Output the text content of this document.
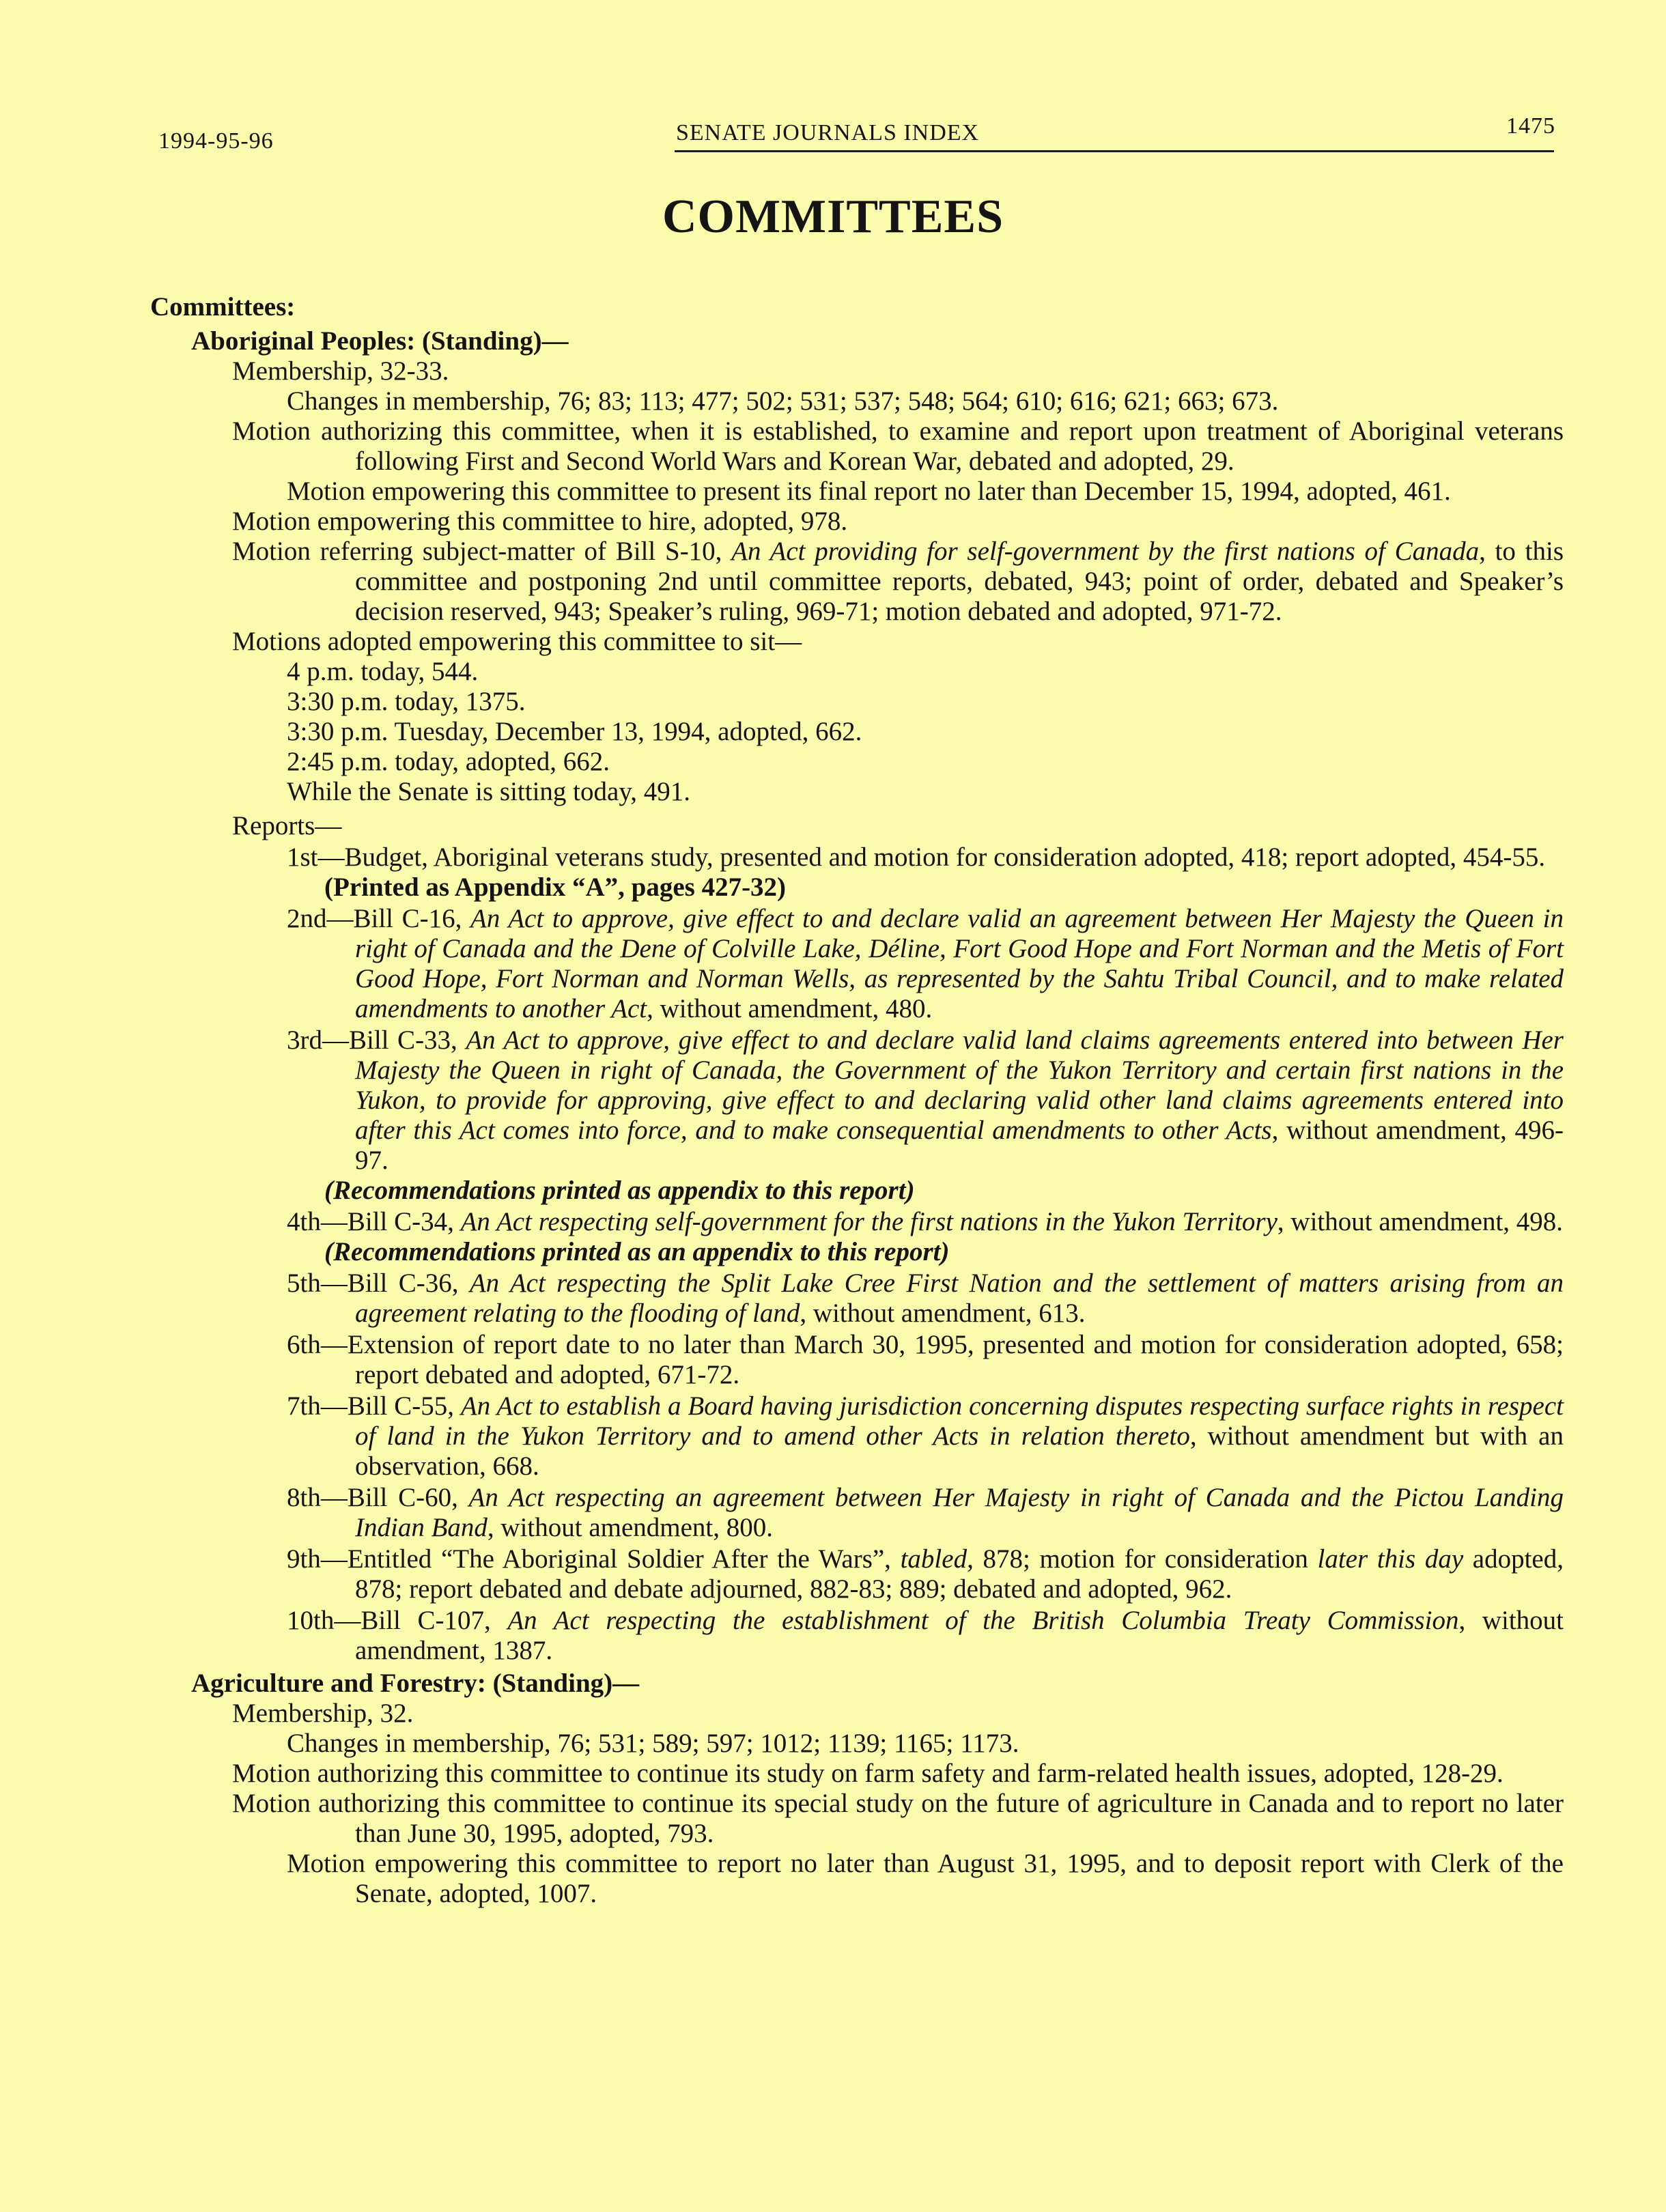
1994-95-96	SENATE JOURNALS INDEX	1475
COMMITTEES
Committees:
Aboriginal Peoples: (Standing)—
Membership, 32-33.
Changes in membership, 76; 83; 113; 477; 502; 531; 537; 548; 564; 610; 616; 621; 663; 673.
Motion authorizing this committee, when it is established, to examine and report upon treatment of Aboriginal veterans following First and Second World Wars and Korean War, debated and adopted, 29.
Motion empowering this committee to present its final report no later than December 15, 1994, adopted, 461.
Motion empowering this committee to hire, adopted, 978.
Motion referring subject-matter of Bill S-10, An Act providing for self-government by the first nations of Canada, to this committee and postponing 2nd until committee reports, debated, 943; point of order, debated and Speaker’s decision reserved, 943; Speaker’s ruling, 969-71; motion debated and adopted, 971-72.
Motions adopted empowering this committee to sit—
4 p.m. today, 544.
3:30 p.m. today, 1375.
3:30 p.m. Tuesday, December 13, 1994, adopted, 662.
2:45 p.m. today, adopted, 662.
While the Senate is sitting today, 491.
Reports—
1st—Budget, Aboriginal veterans study, presented and motion for consideration adopted, 418; report adopted, 454-55.
(Printed as Appendix “A”, pages 427-32)
2nd—Bill C-16, An Act to approve, give effect to and declare valid an agreement between Her Majesty the Queen in right of Canada and the Dene of Colville Lake, Déline, Fort Good Hope and Fort Norman and the Metis of Fort Good Hope, Fort Norman and Norman Wells, as represented by the Sahtu Tribal Council, and to make related amendments to another Act, without amendment, 480.
3rd—Bill C-33, An Act to approve, give effect to and declare valid land claims agreements entered into between Her Majesty the Queen in right of Canada, the Government of the Yukon Territory and certain first nations in the Yukon, to provide for approving, give effect to and declaring valid other land claims agreements entered into after this Act comes into force, and to make consequential amendments to other Acts, without amendment, 496-97.
(Recommendations printed as appendix to this report)
4th—Bill C-34, An Act respecting self-government for the first nations in the Yukon Territory, without amendment, 498.
(Recommendations printed as an appendix to this report)
5th—Bill C-36, An Act respecting the Split Lake Cree First Nation and the settlement of matters arising from an agreement relating to the flooding of land, without amendment, 613.
6th—Extension of report date to no later than March 30, 1995, presented and motion for consideration adopted, 658; report debated and adopted, 671-72.
7th—Bill C-55, An Act to establish a Board having jurisdiction concerning disputes respecting surface rights in respect of land in the Yukon Territory and to amend other Acts in relation thereto, without amendment but with an observation, 668.
8th—Bill C-60, An Act respecting an agreement between Her Majesty in right of Canada and the Pictou Landing Indian Band, without amendment, 800.
9th—Entitled “The Aboriginal Soldier After the Wars”, tabled, 878; motion for consideration later this day adopted, 878; report debated and debate adjourned, 882-83; 889; debated and adopted, 962.
10th—Bill C-107, An Act respecting the establishment of the British Columbia Treaty Commission, without amendment, 1387.
Agriculture and Forestry: (Standing)—
Membership, 32.
Changes in membership, 76; 531; 589; 597; 1012; 1139; 1165; 1173.
Motion authorizing this committee to continue its study on farm safety and farm-related health issues, adopted, 128-29.
Motion authorizing this committee to continue its special study on the future of agriculture in Canada and to report no later than June 30, 1995, adopted, 793.
Motion empowering this committee to report no later than August 31, 1995, and to deposit report with Clerk of the Senate, adopted, 1007.
